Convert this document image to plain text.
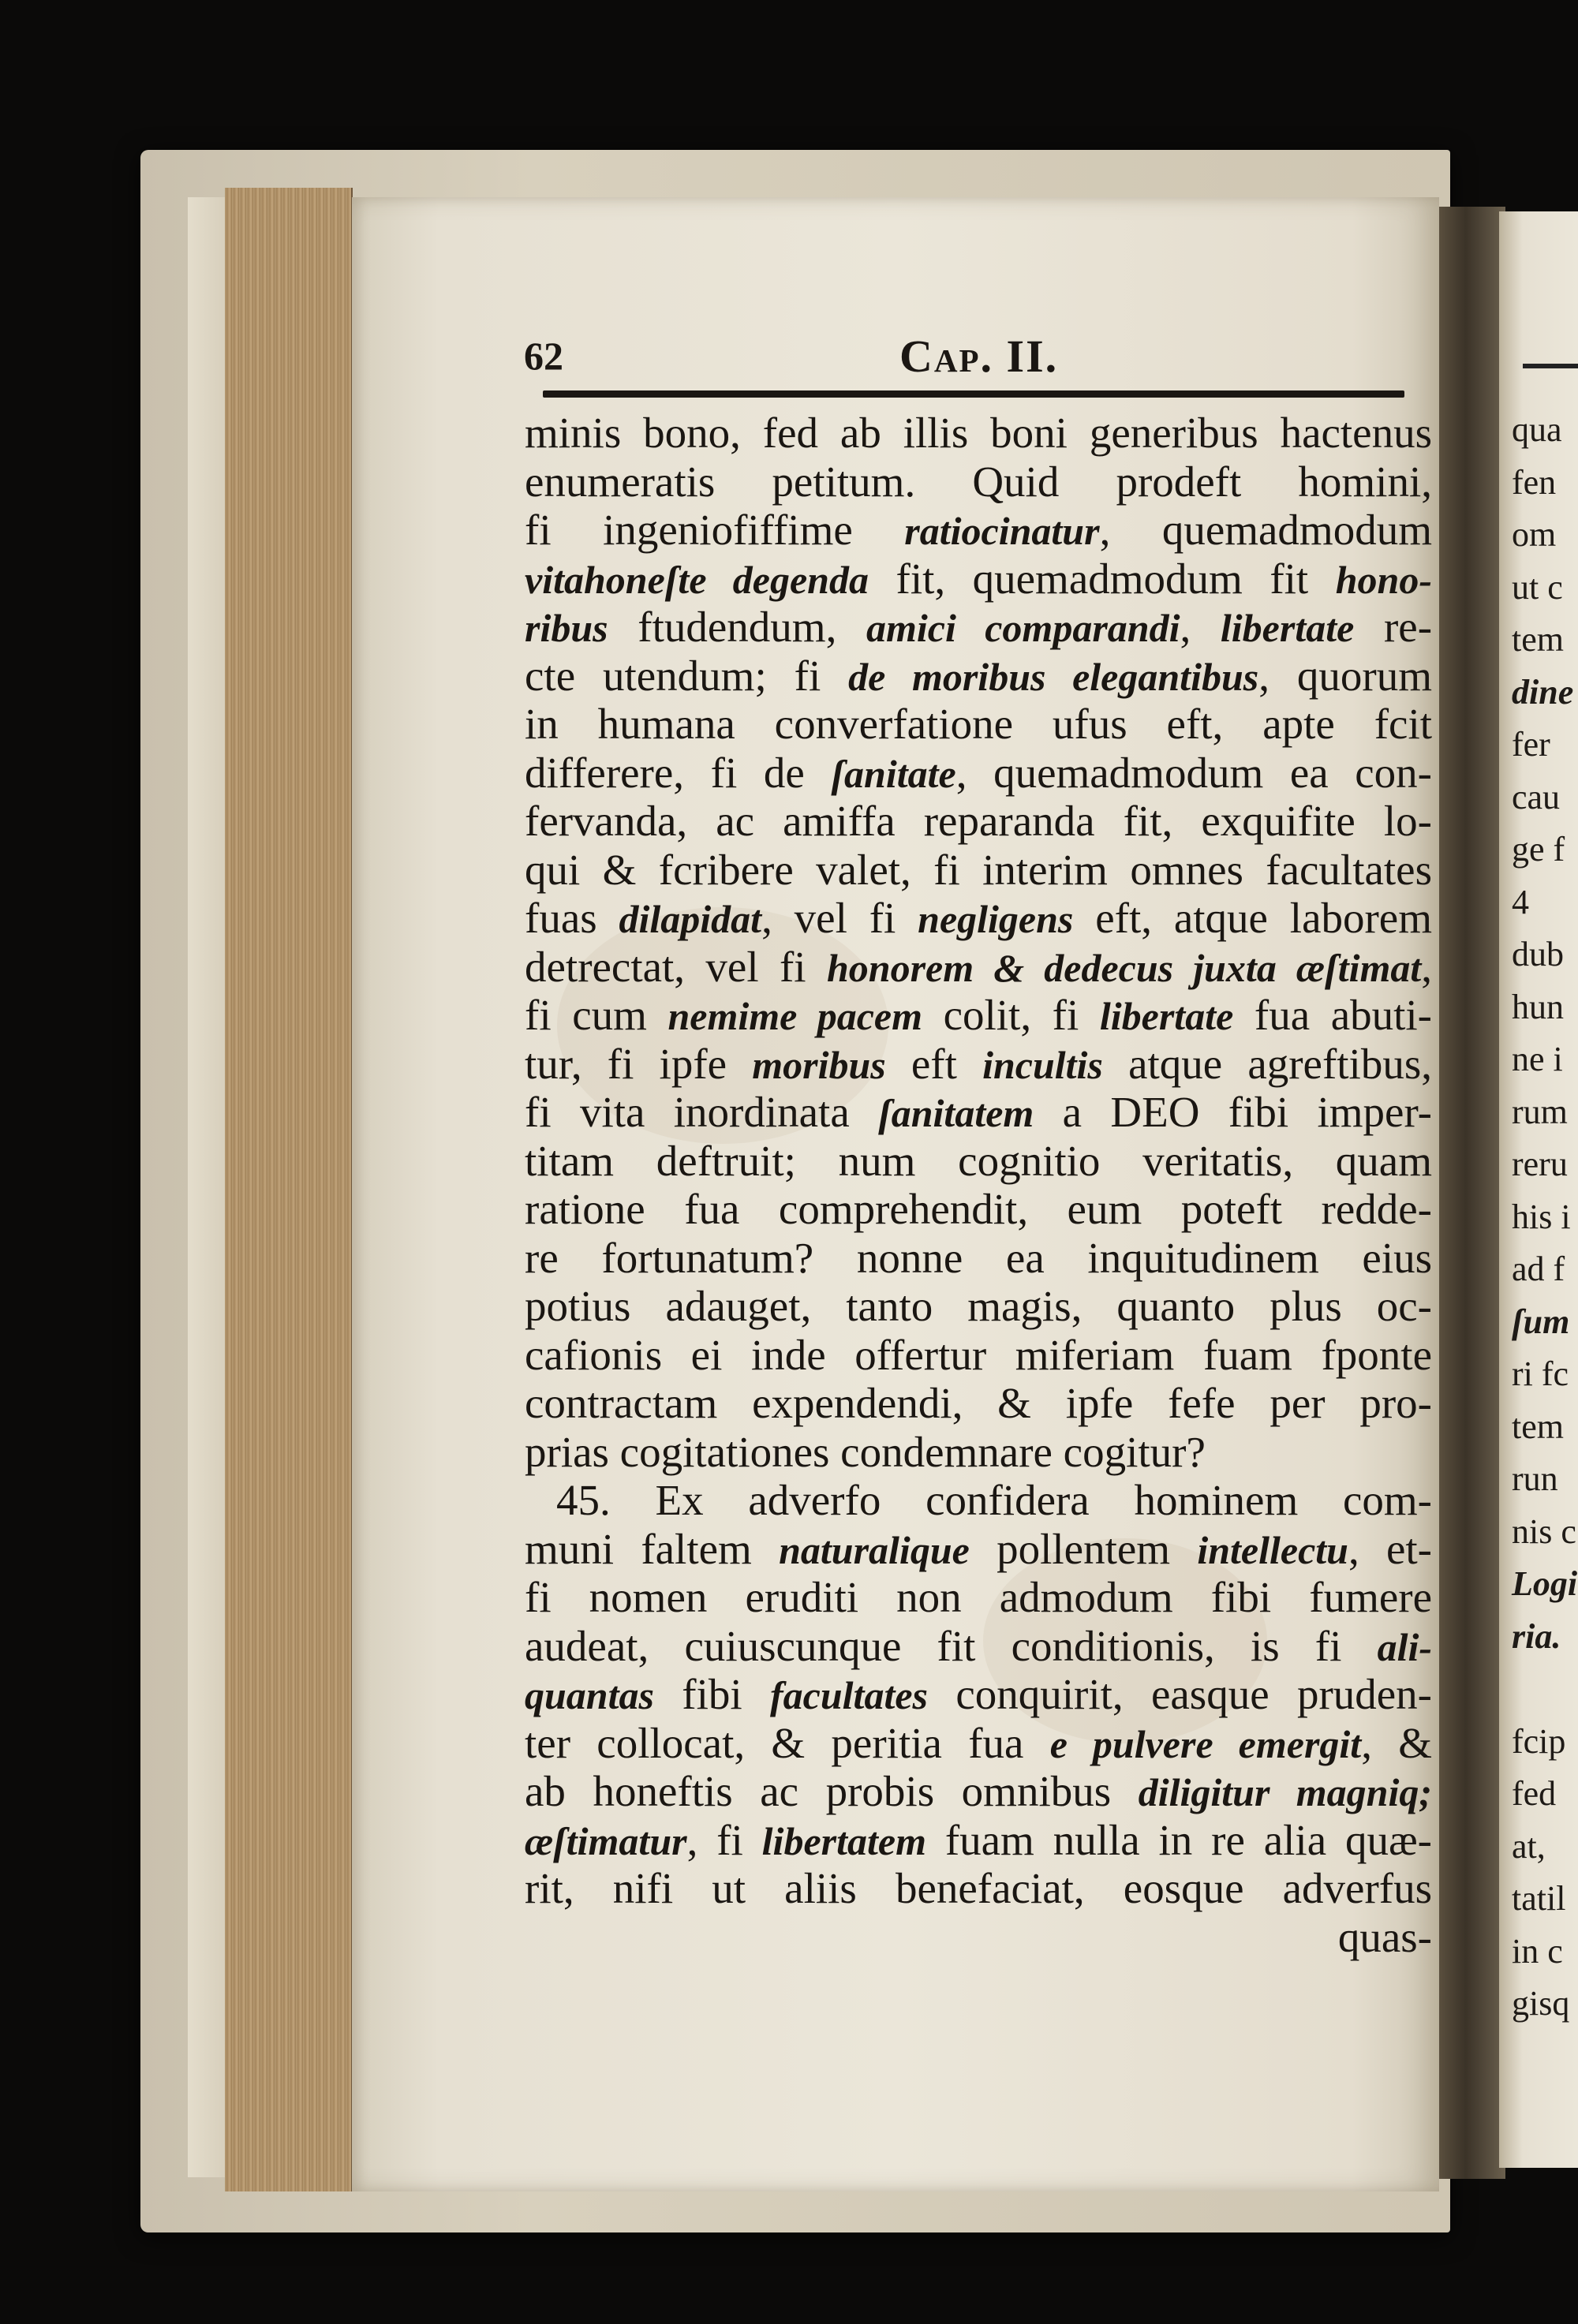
qua
fen
om
ut c
tem
dine
fer
cau
ge f
4
dub
hun
ne i
rum
reru
his i
ad f
ſum
ri fc
tem
run
nis c
Logi
ria.
fcip
fed
at,
tatil
in c
gisq
62	Cap. II.
minis bono, fed ab illis boni generibus hactenus
enumeratis petitum. Quid prodeft homini,
fi ingeniofiffime ratiocinatur, quemadmodum
vitahoneſte degenda fit, quemadmodum fit hono-
ribus ftudendum, amici comparandi, libertate re-
cte utendum; fi de moribus elegantibus, quorum
in humana converfatione ufus eft, apte fcit
differere, fi de ſanitate, quemadmodum ea con-
fervanda, ac amiffa reparanda fit, exquifite lo-
qui & fcribere valet, fi interim omnes facultates
fuas dilapidat, vel fi negligens eft, atque laborem
detrectat, vel fi honorem & dedecus juxta æſtimat,
fi cum nemime pacem colit, fi libertate fua abuti-
tur, fi ipfe moribus eft incultis atque agreftibus,
fi vita inordinata ſanitatem a DEO fibi imper-
titam deftruit; num cognitio veritatis, quam
ratione fua comprehendit, eum poteft redde-
re fortunatum? nonne ea inquitudinem eius
potius adauget, tanto magis, quanto plus oc-
cafionis ei inde offertur miferiam fuam fponte
contractam expendendi, & ipfe fefe per pro-
prias cogitationes condemnare cogitur?
45. Ex adverfo confidera hominem com-
muni faltem naturalique pollentem intellectu, et-
fi nomen eruditi non admodum fibi fumere
audeat, cuiuscunque fit conditionis, is fi ali-
quantas fibi facultates conquirit, easque pruden-
ter collocat, & peritia fua e pulvere emergit, &
ab honeftis ac probis omnibus diligitur magniq;
æſtimatur, fi libertatem fuam nulla in re alia quæ-
rit, nifi ut aliis benefaciat, eosque adverfus
quas-
